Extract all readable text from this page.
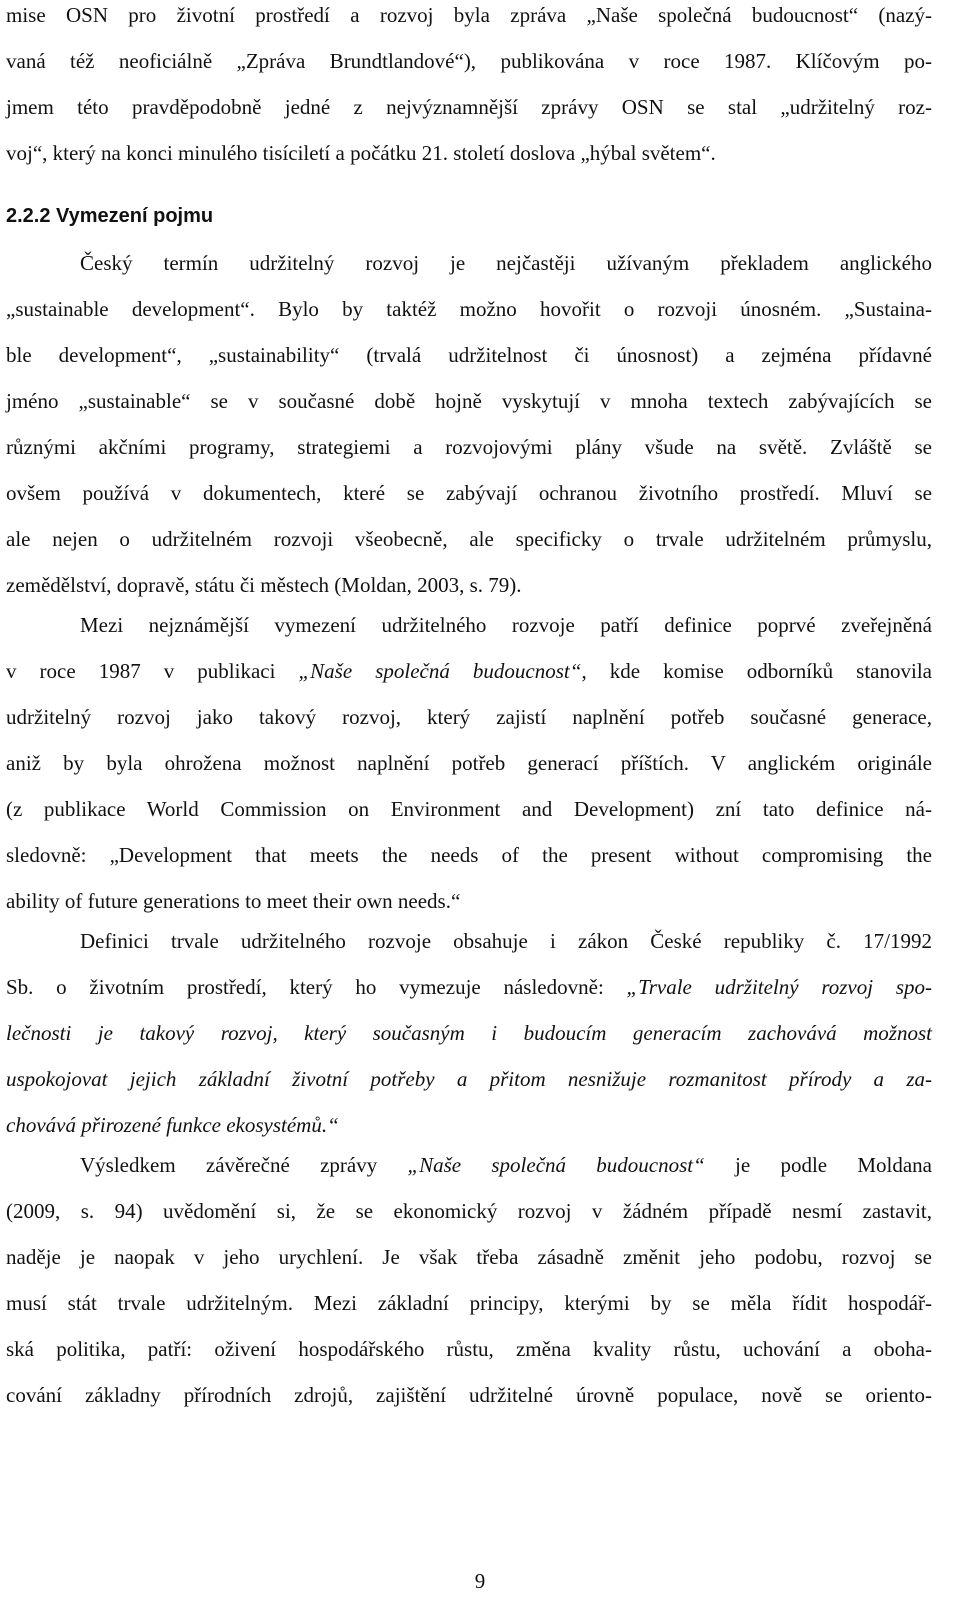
mise OSN pro životní prostředí a rozvoj byla zpráva „Naše společná budoucnost“ (nazý-
vaná též neoficiálně „Zpráva Brundtlandové“), publikována v roce 1987. Klíčovým po-
jmem této pravděpodobně jedné z nejvýznamnější zprávy OSN se stal „udržitelný roz-
voj“, který na konci minulého tisíciletí a počátku 21. století doslova „hýbal světem“.
2.2.2 Vymezení pojmu
Český termín udržitelný rozvoj je nejčastěji užívaným překladem anglického
„sustainable development“. Bylo by taktéž možno hovořit o rozvoji únosném. „Sustaina-
ble development“, „sustainability“ (trvalá udržitelnost či únosnost) a zejména přídavné
jméno „sustainable“ se v současné době hojně vyskytují v mnoha textech zabývajících se
různými akčními programy, strategiemi a rozvojovými plány všude na světě. Zvláště se
ovšem používá v dokumentech, které se zabývají ochranou životního prostředí. Mluví se
ale nejen o udržitelném rozvoji všeobecně, ale specificky o trvale udržitelném průmyslu,
zemědělství, dopravě, státu či městech (Moldan, 2003, s. 79).
Mezi nejznámější vymezení udržitelného rozvoje patří definice poprvé zveřejněná
v roce 1987 v publikaci „Naše společná budoucnost“, kde komise odborníků stanovila
udržitelný rozvoj jako takový rozvoj, který zajistí naplnění potřeb současné generace,
aniž by byla ohrožena možnost naplnění potřeb generací příštích. V anglickém originále
(z publikace World Commission on Environment and Development) zní tato definice ná-
sledovně: „Development that meets the needs of the present without compromising the
ability of future generations to meet their own needs.“
Definici trvale udržitelného rozvoje obsahuje i zákon České republiky č. 17/1992
Sb. o životním prostředí, který ho vymezuje následovně: „Trvale udržitelný rozvoj spo-
lečnosti je takový rozvoj, který současným i budoucím generacím zachovává možnost
uspokojovat jejich základní životní potřeby a přitom nesnižuje rozmanitost přírody a za-
chovává přirozené funkce ekosystémů.“
Výsledkem závěrečné zprávy „Naše společná budoucnost“ je podle Moldana
(2009, s. 94) uvědomění si, že se ekonomický rozvoj v žádném případě nesmí zastavit,
naděje je naopak v jeho urychlení. Je však třeba zásadně změnit jeho podobu, rozvoj se
musí stát trvale udržitelným. Mezi základní principy, kterými by se měla řídit hospodář-
ská politika, patří: oživení hospodářského růstu, změna kvality růstu, uchování a oboha-
cování základny přírodních zdrojů, zajištění udržitelné úrovně populace, nově se oriento-
9
